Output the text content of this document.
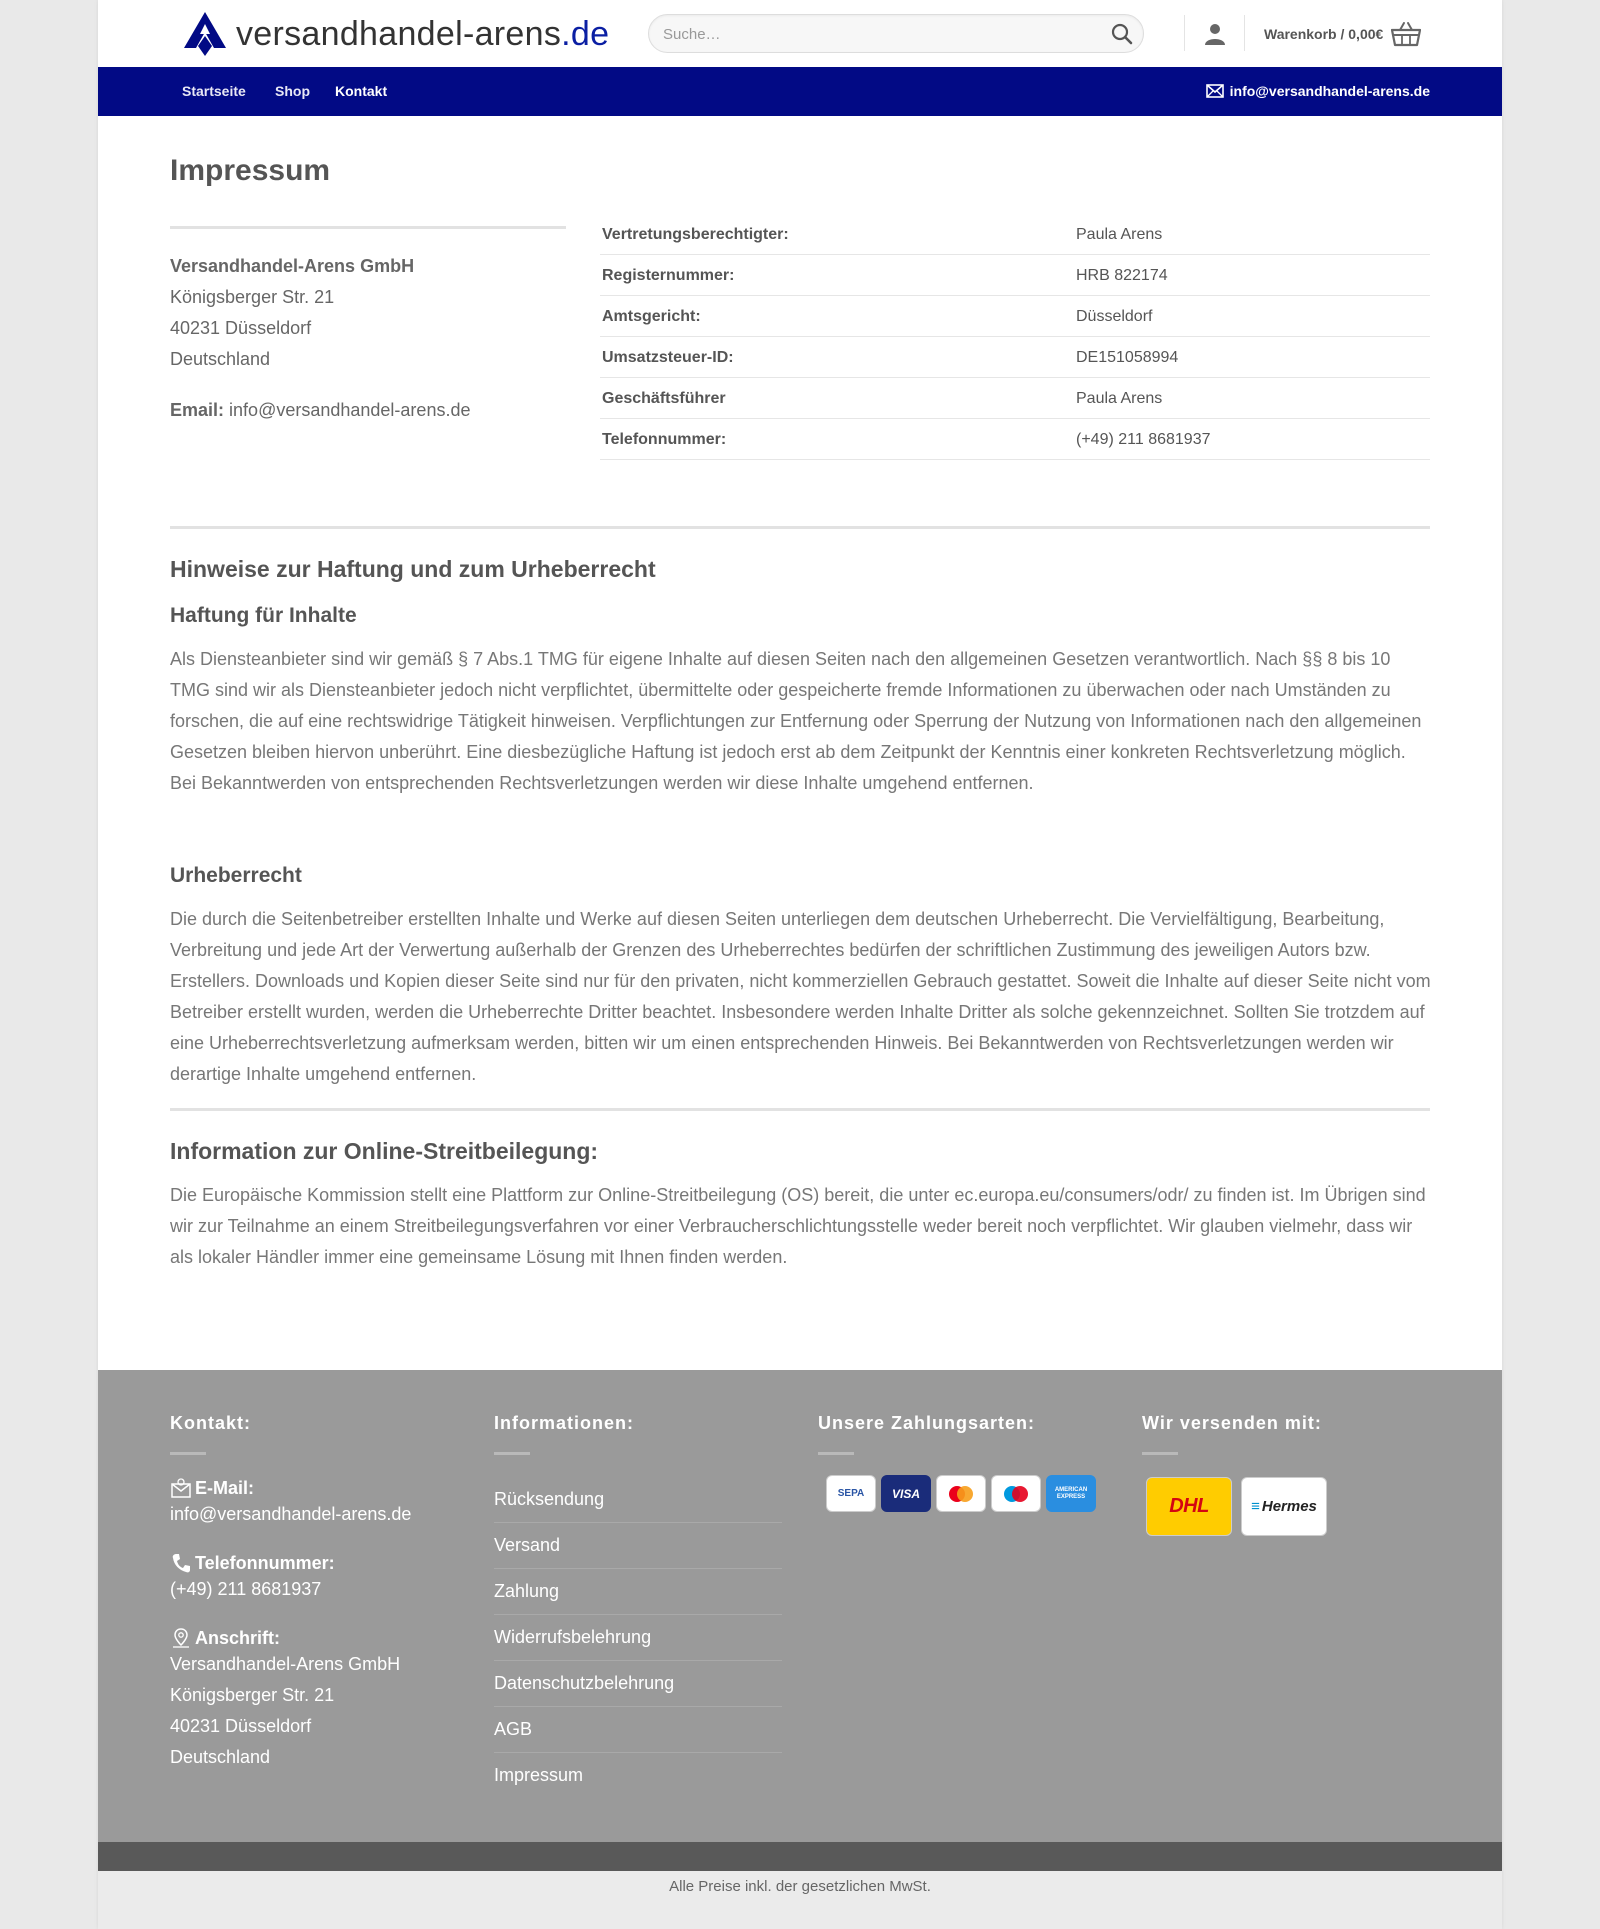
versandhandel-arens.de
Suche…	Warenkorb / 0,00€
Startseite Shop Kontakt	info@versandhandel-arens.de
Impressum
Versandhandel-Arens GmbH
Königsberger Str. 21
40231 Düsseldorf
Deutschland
Email: info@versandhandel-arens.de
Vertretungsberechtigter:	Paula Arens
Registernummer:	HRB 822174
Amtsgericht:	Düsseldorf
Umsatzsteuer-ID:	DE151058994
Geschäftsführer	Paula Arens
Telefonnummer:	(+49) 211 8681937
Hinweise zur Haftung und zum Urheberrecht
Haftung für Inhalte

Als Diensteanbieter sind wir gemäß § 7 Abs.1 TMG für eigene Inhalte auf diesen Seiten nach den allgemeinen Gesetzen verantwortlich. Nach §§ 8 bis 10 TMG sind wir als Diensteanbieter jedoch nicht verpflichtet, übermittelte oder gespeicherte fremde Informationen zu überwachen oder nach Umständen zu forschen, die auf eine rechtswidrige Tätigkeit hinweisen. Verpflichtungen zur Entfernung oder Sperrung der Nutzung von Informationen nach den allgemeinen Gesetzen bleiben hiervon unberührt. Eine diesbezügliche Haftung ist jedoch erst ab dem Zeitpunkt der Kenntnis einer konkreten Rechtsverletzung möglich. Bei Bekanntwerden von entsprechenden Rechtsverletzungen werden wir diese Inhalte umgehend entfernen.

Urheberrecht

Die durch die Seitenbetreiber erstellten Inhalte und Werke auf diesen Seiten unterliegen dem deutschen Urheberrecht. Die Vervielfältigung, Bearbeitung, Verbreitung und jede Art der Verwertung außerhalb der Grenzen des Urheberrechtes bedürfen der schriftlichen Zustimmung des jeweiligen Autors bzw. Erstellers. Downloads und Kopien dieser Seite sind nur für den privaten, nicht kommerziellen Gebrauch gestattet. Soweit die Inhalte auf dieser Seite nicht vom Betreiber erstellt wurden, werden die Urheberrechte Dritter beachtet. Insbesondere werden Inhalte Dritter als solche gekennzeichnet. Sollten Sie trotzdem auf eine Urheberrechtsverletzung aufmerksam werden, bitten wir um einen entsprechenden Hinweis. Bei Bekanntwerden von Rechtsverletzungen werden wir derartige Inhalte umgehend entfernen.

Information zur Online-Streitbeilegung:

Die Europäische Kommission stellt eine Plattform zur Online-Streitbeilegung (OS) bereit, die unter ec.europa.eu/consumers/odr/ zu finden ist. Im Übrigen sind wir zur Teilnahme an einem Streitbeilegungsverfahren vor einer Verbraucherschlichtungsstelle weder bereit noch verpflichtet. Wir glauben vielmehr, dass wir als lokaler Händler immer eine gemeinsame Lösung mit Ihnen finden werden.

Kontakt:
E-Mail:
info@versandhandel-arens.de
Telefonnummer:
(+49) 211 8681937
Anschrift:
Versandhandel-Arens GmbH
Königsberger Str. 21
40231 Düsseldorf
Deutschland
Informationen:
Rücksendung
Versand
Zahlung
Widerrufsbelehrung
Datenschutzbelehrung
AGB
Impressum
Unsere Zahlungsarten:
SEPA VISA	AMERICAN EXPRESS
Wir versenden mit:
DHL	≡ Hermes
Alle Preise inkl. der gesetzlichen MwSt.
